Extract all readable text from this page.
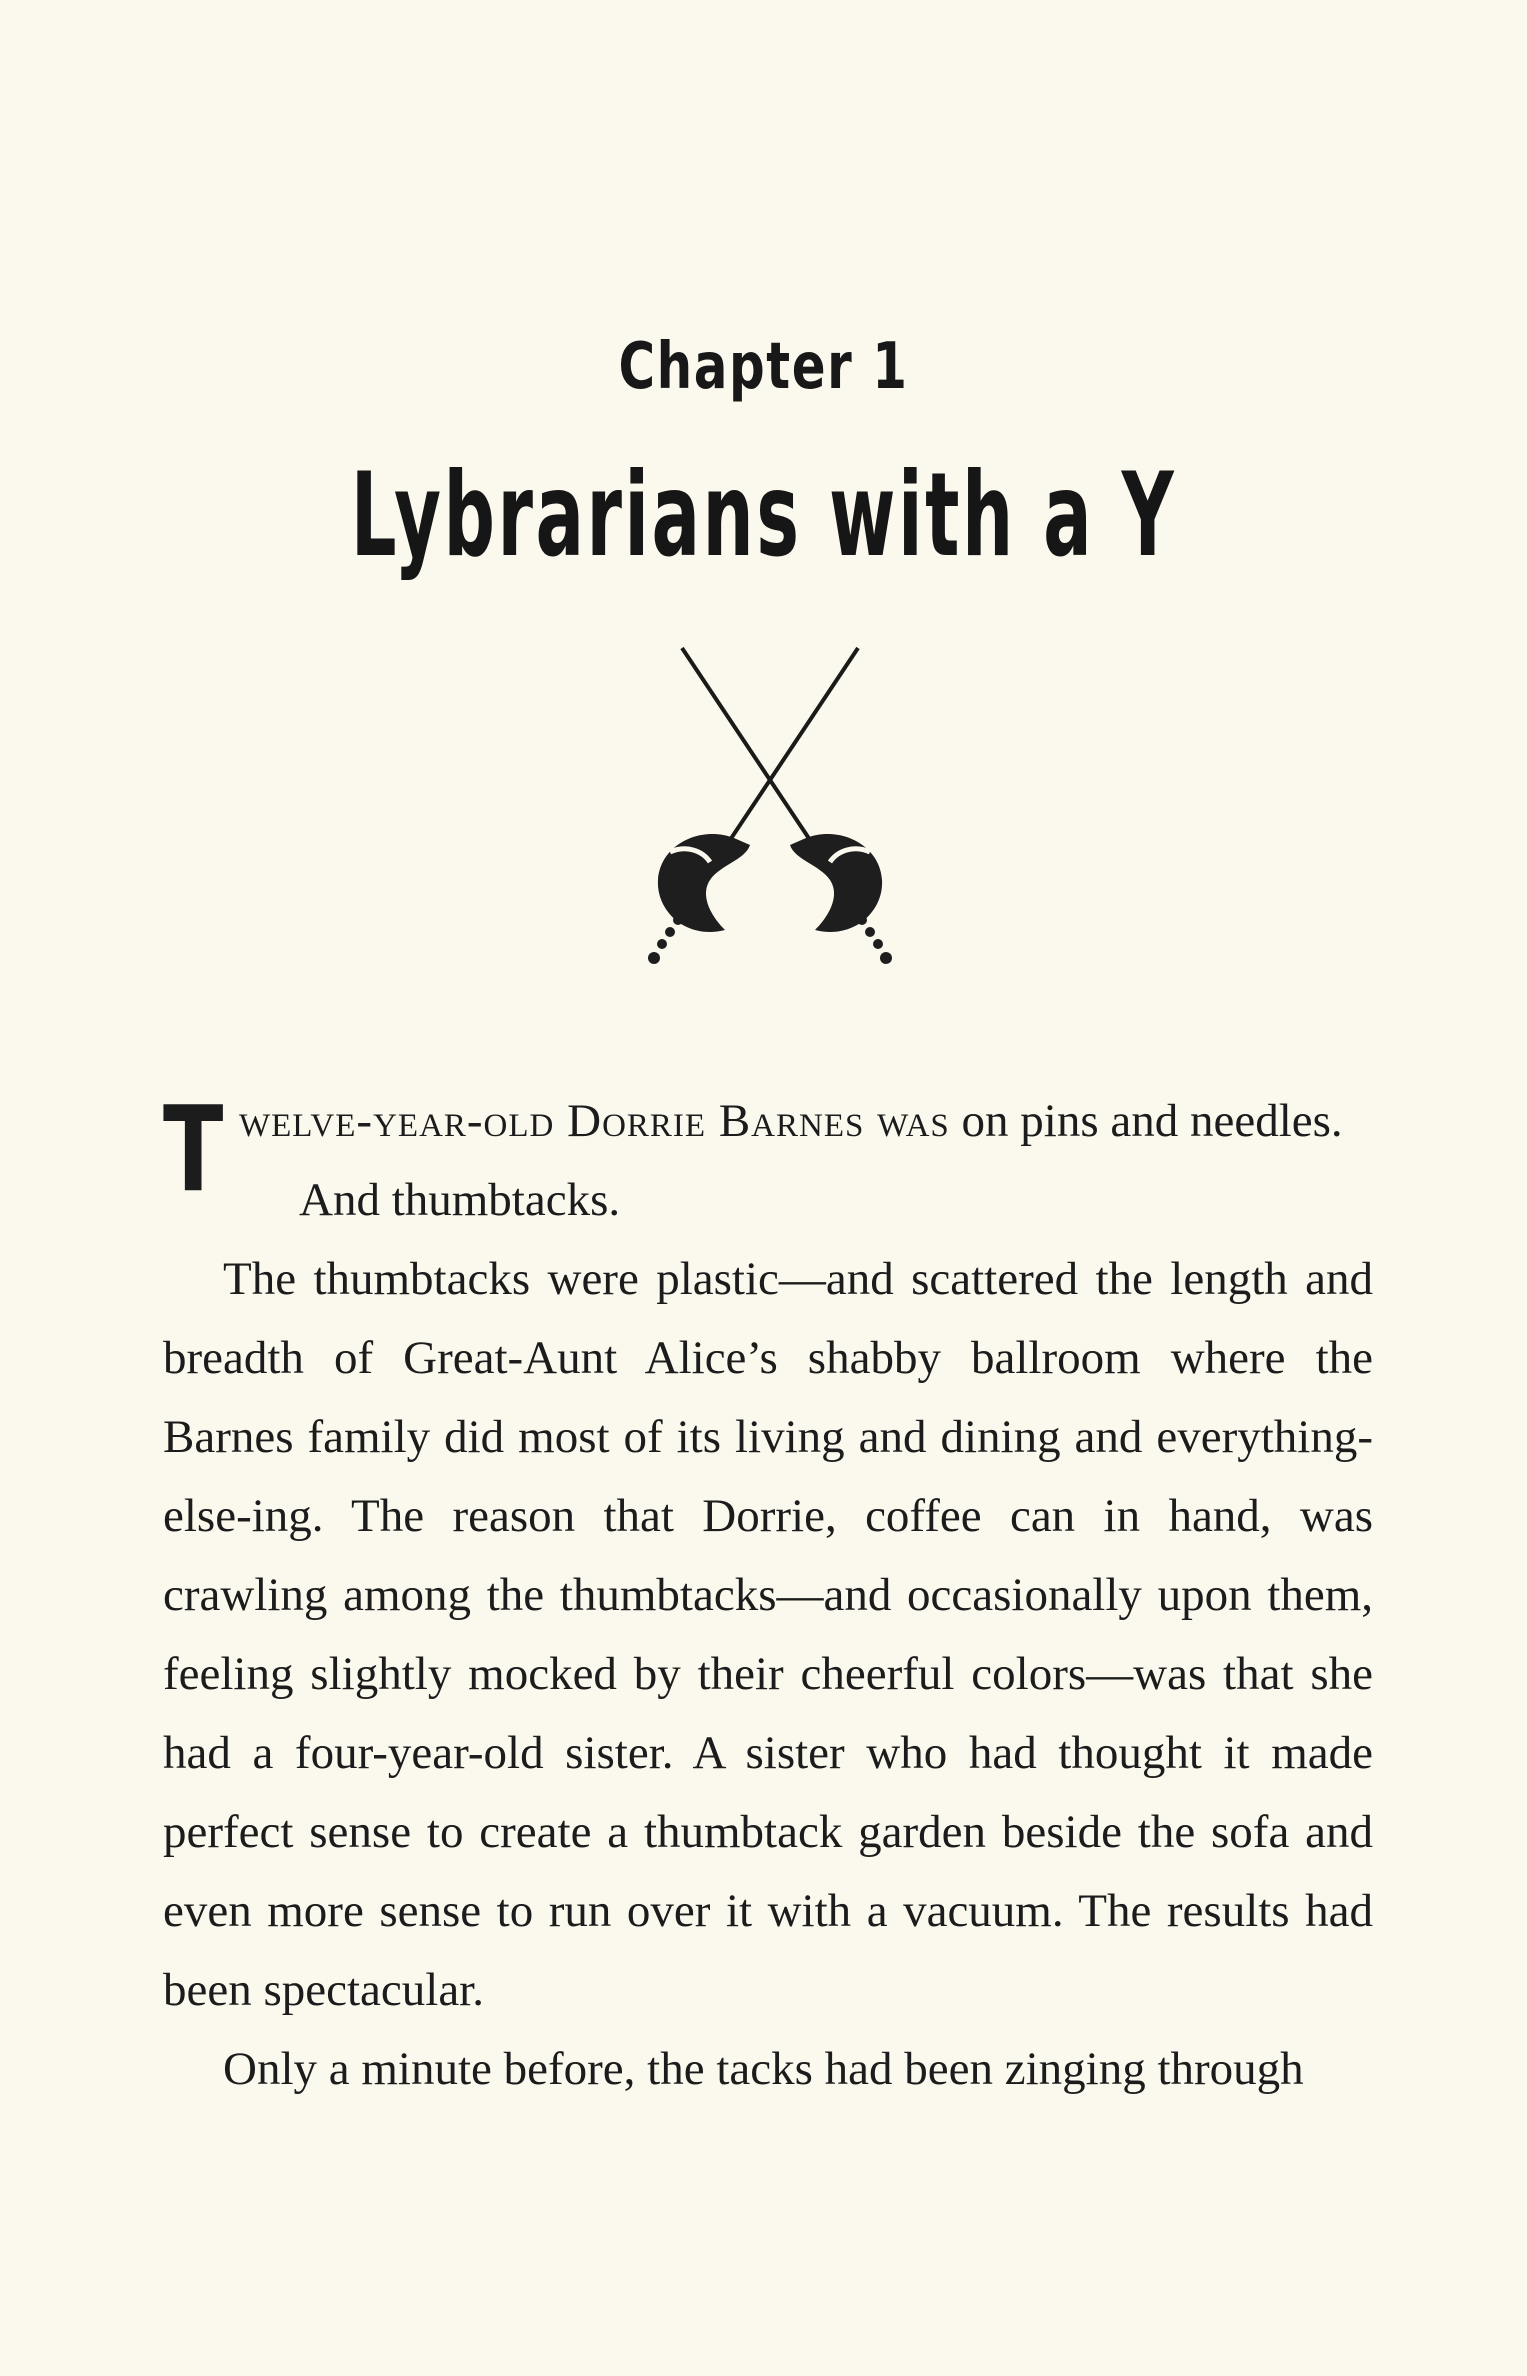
Chapter 1
Lybrarians with a Y

Twelve-year-old Dorrie Barnes was on pins and needles.

And thumbtacks.

The thumbtacks were plastic—and scattered the length and breadth of Great-Aunt Alice’s shabby ballroom where the Barnes family did most of its living and dining and everything-else-ing. The reason that Dorrie, coffee can in hand, was crawling among the thumbtacks—and occasionally upon them, feeling slightly mocked by their cheerful colors—was that she had a four-year-old sister. A sister who had thought it made perfect sense to create a thumbtack garden beside the sofa and even more sense to run over it with a vacuum. The results had been spectacular.

Only a minute before, the tacks had been zinging through
